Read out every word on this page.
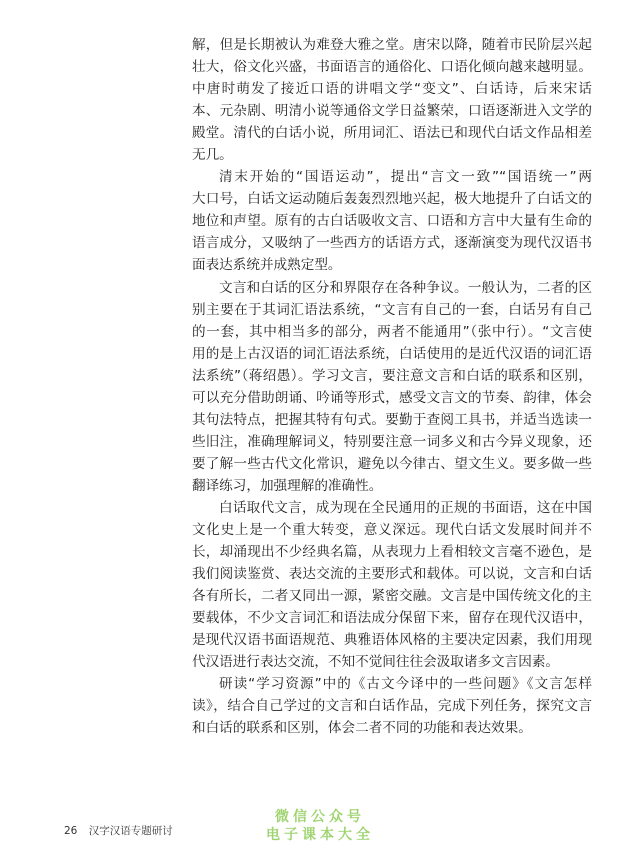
解，但是长期被认为难登大雅之堂。唐宋以降，随着市民阶层兴起
壮大，俗文化兴盛，书面语言的通俗化、口语化倾向越来越明显。
中唐时萌发了接近口语的讲唱文学“变文”、白话诗，后来宋话
本、元杂剧、明清小说等通俗文学日益繁荣，口语逐渐进入文学的
殿堂。清代的白话小说，所用词汇、语法已和现代白话文作品相差
无几。
清末开始的“国语运动”，提出“言文一致”“国语统一”两
大口号，白话文运动随后轰轰烈烈地兴起，极大地提升了白话文的
地位和声望。原有的古白话吸收文言、口语和方言中大量有生命的
语言成分，又吸纳了一些西方的话语方式，逐渐演变为现代汉语书
面表达系统并成熟定型。
文言和白话的区分和界限存在各种争议。一般认为，二者的区
别主要在于其词汇语法系统，“文言有自己的一套，白话另有自己
的一套，其中相当多的部分，两者不能通用”（张中行）。“文言使
用的是上古汉语的词汇语法系统，白话使用的是近代汉语的词汇语
法系统”（蒋绍愚）。学习文言，要注意文言和白话的联系和区别，
可以充分借助朗诵、吟诵等形式，感受文言文的节奏、韵律，体会
其句法特点，把握其特有句式。要勤于查阅工具书，并适当选读一
些旧注，准确理解词义，特别要注意一词多义和古今异义现象，还
要了解一些古代文化常识，避免以今律古、望文生义。要多做一些
翻译练习，加强理解的准确性。
白话取代文言，成为现在全民通用的正规的书面语，这在中国
文化史上是一个重大转变，意义深远。现代白话文发展时间并不
长，却涌现出不少经典名篇，从表现力上看相较文言毫不逊色，是
我们阅读鉴赏、表达交流的主要形式和载体。可以说，文言和白话
各有所长，二者又同出一源，紧密交融。文言是中国传统文化的主
要载体，不少文言词汇和语法成分保留下来，留存在现代汉语中，
是现代汉语书面语规范、典雅语体风格的主要决定因素，我们用现
代汉语进行表达交流，不知不觉间往往会汲取诸多文言因素。
研读“学习资源”中的《古文今译中的一些问题》《文言怎样
读》，结合自己学过的文言和白话作品，完成下列任务，探究文言
和白话的联系和区别，体会二者不同的功能和表达效果。
26 汉字汉语专题研讨
微信公众号
电子课本大全
